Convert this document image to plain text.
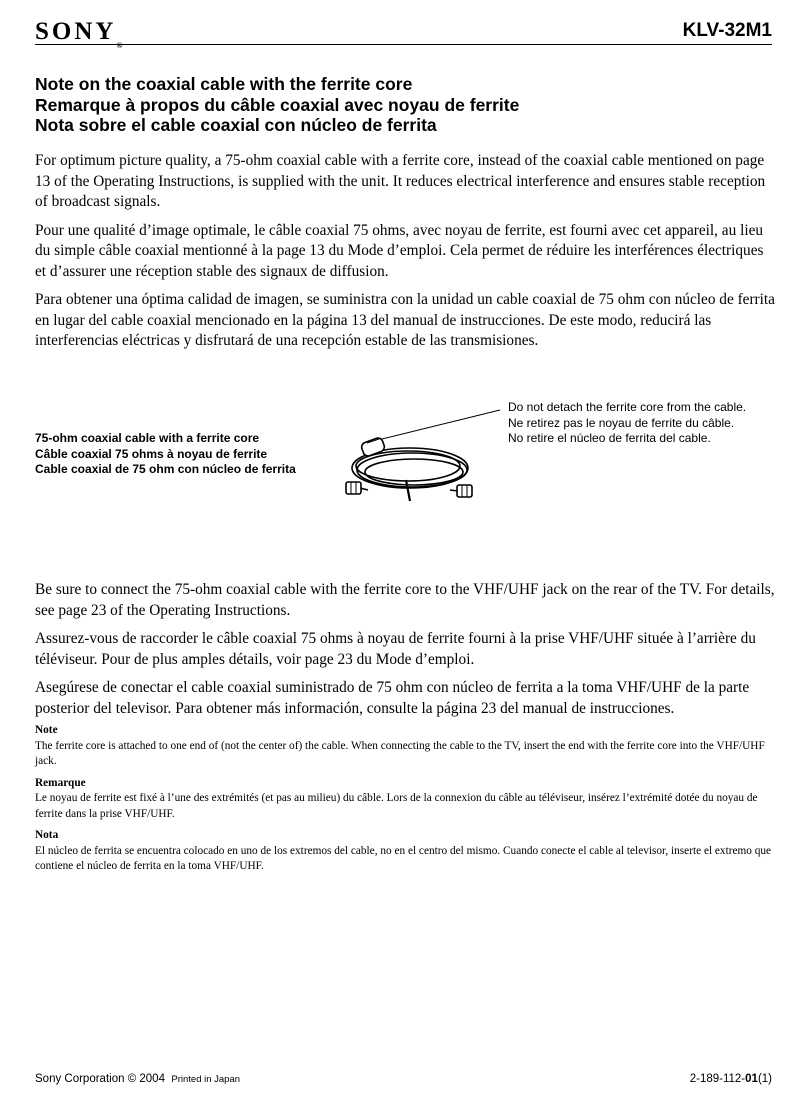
SONY®
KLV-32M1
Note on the coaxial cable with the ferrite core
Remarque à propos du câble coaxial avec noyau de ferrite
Nota sobre el cable coaxial con núcleo de ferrita

For optimum picture quality, a 75-ohm coaxial cable with a ferrite core, instead of the coaxial cable mentioned on page 13 of the Operating Instructions, is supplied with the unit. It reduces electrical interference and ensures stable reception of broadcast signals.

Pour une qualité d’image optimale, le câble coaxial 75 ohms, avec noyau de ferrite, est fourni avec cet appareil, au lieu du simple câble coaxial mentionné à la page 13 du Mode d’emploi. Cela permet de réduire les interférences électriques et d’assurer une réception stable des signaux de diffusion.

Para obtener una óptima calidad de imagen, se suministra con la unidad un cable coaxial de 75 ohm con núcleo de ferrita en lugar del cable coaxial mencionado en la página 13 del manual de instrucciones. De este modo, reducirá las interferencias eléctricas y disfrutará de una recepción estable de las transmisiones.

75-ohm coaxial cable with a ferrite core
Câble coaxial 75 ohms à noyau de ferrite
Cable coaxial de 75 ohm con núcleo de ferrita
Do not detach the ferrite core from the cable.
Ne retirez pas le noyau de ferrite du câble.
No retire el núcleo de ferrita del cable.

Be sure to connect the 75-ohm coaxial cable with the ferrite core to the VHF/UHF jack on the rear of the TV. For details, see page 23 of the Operating Instructions.

Assurez-vous de raccorder le câble coaxial 75 ohms à noyau de ferrite fourni à la prise VHF/UHF située à l’arrière du téléviseur. Pour de plus amples détails, voir page 23 du Mode d’emploi.

Asegúrese de conectar el cable coaxial suministrado de 75 ohm con núcleo de ferrita a la toma VHF/UHF de la parte posterior del televisor. Para obtener más información, consulte la página 23 del manual de instrucciones.

Note
The ferrite core is attached to one end of (not the center of) the cable. When connecting the cable to the TV, insert the end with the ferrite core into the VHF/UHF jack.
Remarque
Le noyau de ferrite est fixé à l’une des extrémités (et pas au milieu) du câble. Lors de la connexion du câble au téléviseur, insérez l’extrémité dotée du noyau de ferrite dans la prise VHF/UHF.
Nota
El núcleo de ferrita se encuentra colocado en uno de los extremos del cable, no en el centro del mismo. Cuando conecte el cable al televisor, inserte el extremo que contiene el núcleo de ferrita en la toma VHF/UHF.
Sony Corporation © 2004 Printed in Japan	2-189-112-01(1)
